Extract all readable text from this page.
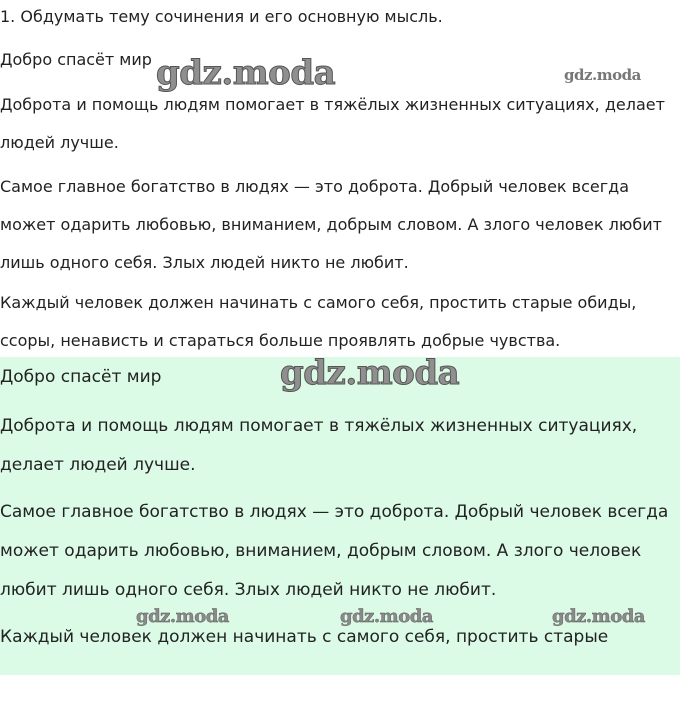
1. Обдумать тему сочинения и его основную мысль.

Добро спасёт мир

Доброта и помощь людям помогает в тяжёлых жизненных ситуациях, делает
людей лучше.

Самое главное богатство в людях — это доброта. Добрый человек всегда
может одарить любовью, вниманием, добрым словом. А злого человек любит
лишь одного себя. Злых людей никто не любит.

Каждый человек должен начинать с самого себя, простить старые обиды,
ссоры, ненависть и стараться больше проявлять добрые чувства.

Добро спасёт мир

Доброта и помощь людям помогает в тяжёлых жизненных ситуациях,
делает людей лучше.

Самое главное богатство в людях — это доброта. Добрый человек всегда
может одарить любовью, вниманием, добрым словом. А злого человек
любит лишь одного себя. Злых людей никто не любит.

Каждый человек должен начинать с самого себя, простить старые

gdz.moda	gdz.moda
gdz.moda
gdz.moda	gdz.moda	gdz.moda
